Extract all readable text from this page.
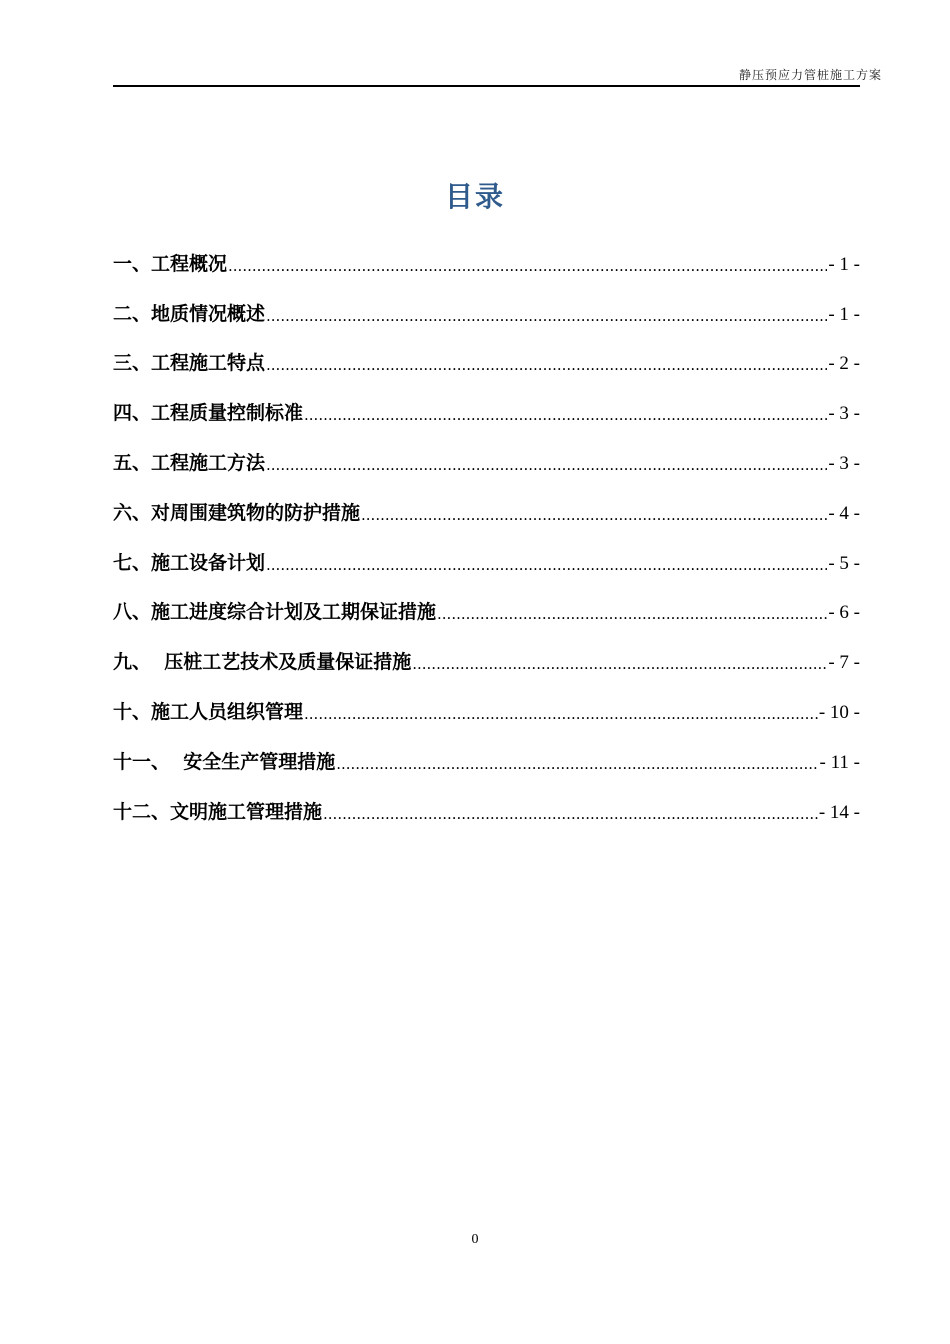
静压预应力管桩施工方案
目录
一、工程概况 .....	- 1 -
二、地质情况概述 .....	- 1 -
三、工程施工特点 .....	- 2 -
四、工程质量控制标准 .....	- 3 -
五、工程施工方法 .....	- 3 -
六、对周围建筑物的防护措施 .....	- 4 -
七、施工设备计划 .....	- 5 -
八、施工进度综合计划及工期保证措施 .....	- 6 -
九、  压桩工艺技术及质量保证措施 .....	- 7 -
十、施工人员组织管理 .....	- 10 -
十一、  安全生产管理措施 .....	- 11 -
十二、文明施工管理措施 .....	- 14 -
0
